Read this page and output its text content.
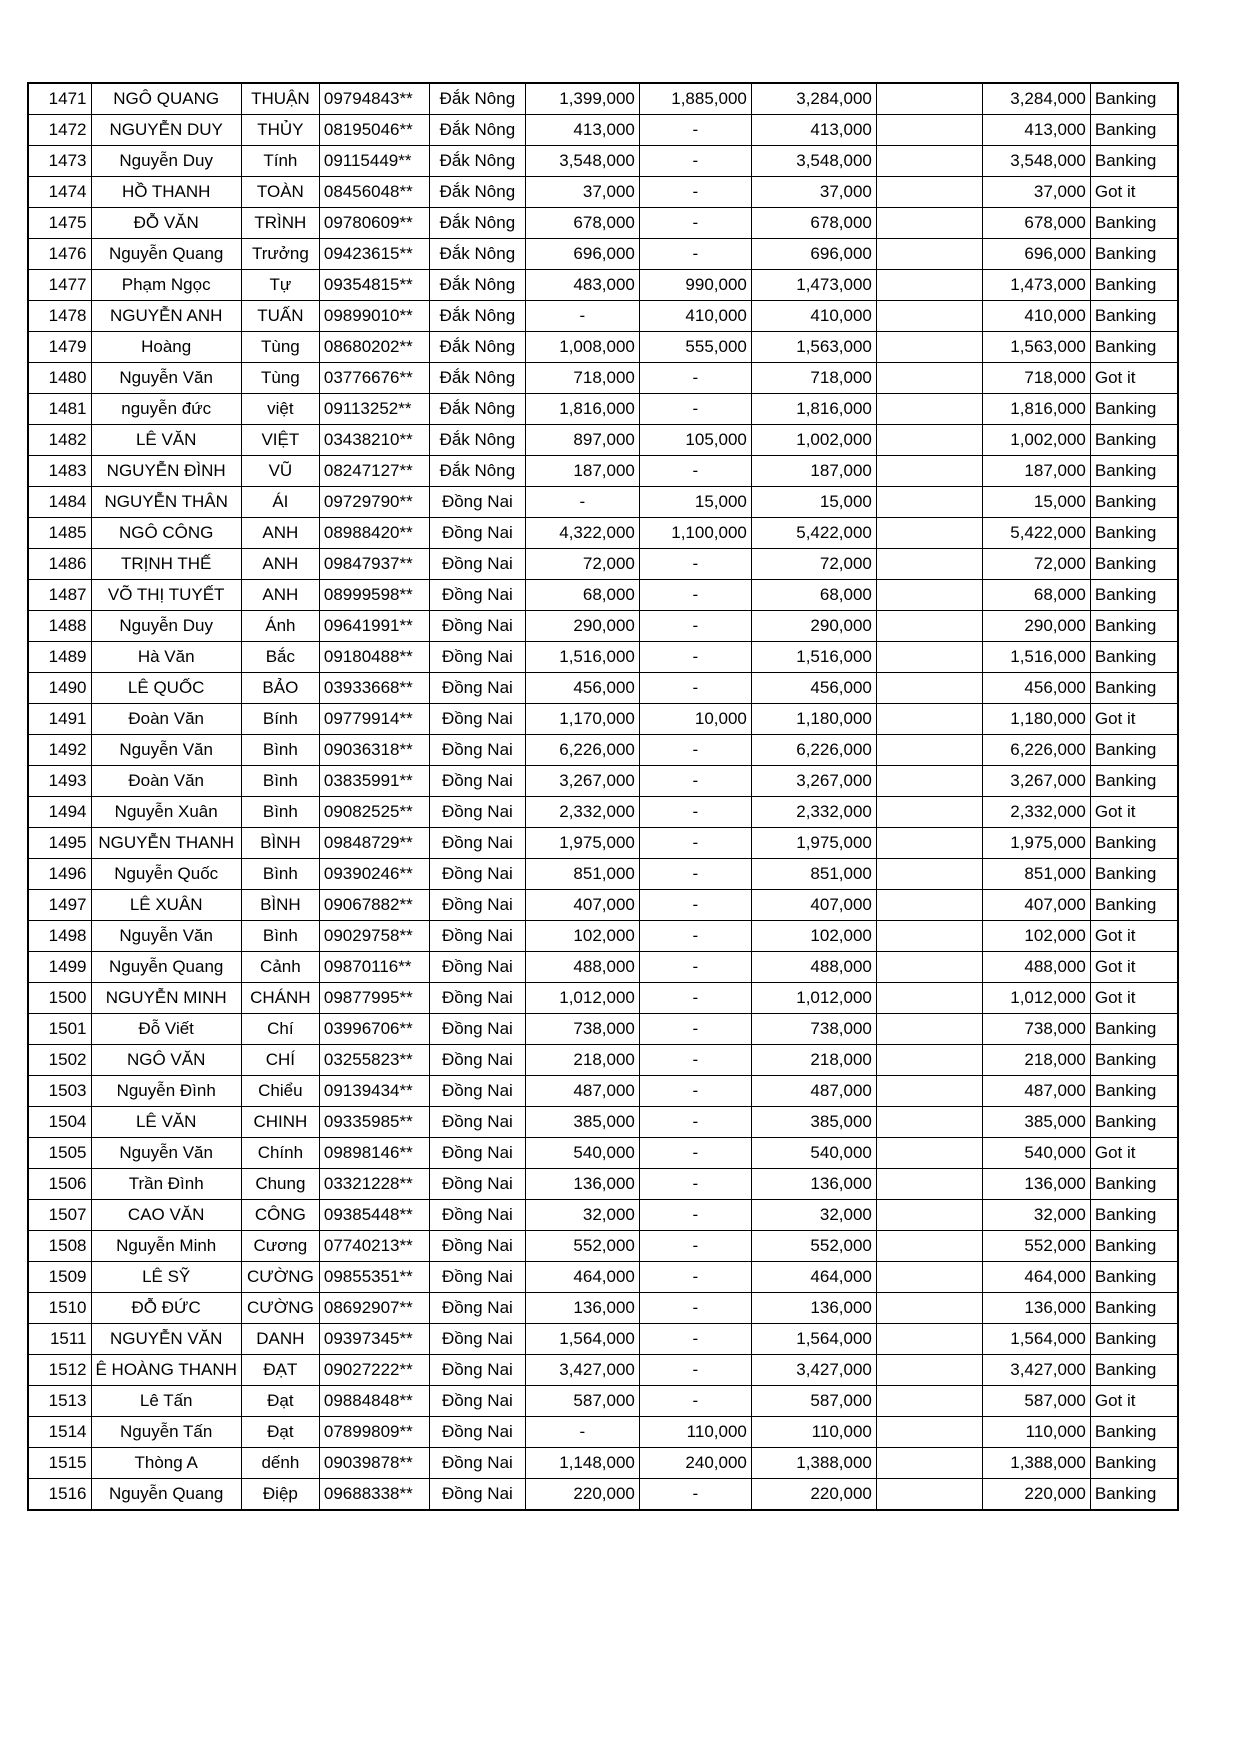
1471	NGÔ QUANG	THUẬN	09794843**	Đắk Nông	1,399,000	1,885,000	3,284,000		3,284,000	Banking
1472	NGUYỄN DUY	THỦY	08195046**	Đắk Nông	413,000	-	413,000		413,000	Banking
1473	Nguyễn Duy	Tính	09115449**	Đắk Nông	3,548,000	-	3,548,000		3,548,000	Banking
1474	HỒ THANH	TOÀN	08456048**	Đắk Nông	37,000	-	37,000		37,000	Got it
1475	ĐỖ VĂN	TRÌNH	09780609**	Đắk Nông	678,000	-	678,000		678,000	Banking
1476	Nguyễn Quang	Trưởng	09423615**	Đắk Nông	696,000	-	696,000		696,000	Banking
1477	Phạm Ngọc	Tự	09354815**	Đắk Nông	483,000	990,000	1,473,000		1,473,000	Banking
1478	NGUYỄN ANH	TUẤN	09899010**	Đắk Nông	-	410,000	410,000		410,000	Banking
1479	Hoàng	Tùng	08680202**	Đắk Nông	1,008,000	555,000	1,563,000		1,563,000	Banking
1480	Nguyễn Văn	Tùng	03776676**	Đắk Nông	718,000	-	718,000		718,000	Got it
1481	nguyễn đức	việt	09113252**	Đắk Nông	1,816,000	-	1,816,000		1,816,000	Banking
1482	LÊ VĂN	VIỆT	03438210**	Đắk Nông	897,000	105,000	1,002,000		1,002,000	Banking
1483	NGUYỄN ĐÌNH	VŨ	08247127**	Đắk Nông	187,000	-	187,000		187,000	Banking
1484	NGUYỄN THÂN	ÁI	09729790**	Đồng Nai	-	15,000	15,000		15,000	Banking
1485	NGÔ CÔNG	ANH	08988420**	Đồng Nai	4,322,000	1,100,000	5,422,000		5,422,000	Banking
1486	TRỊNH THẾ	ANH	09847937**	Đồng Nai	72,000	-	72,000		72,000	Banking
1487	VÕ THỊ TUYẾT	ANH	08999598**	Đồng Nai	68,000	-	68,000		68,000	Banking
1488	Nguyễn Duy	Ánh	09641991**	Đồng Nai	290,000	-	290,000		290,000	Banking
1489	Hà Văn	Bắc	09180488**	Đồng Nai	1,516,000	-	1,516,000		1,516,000	Banking
1490	LÊ QUỐC	BẢO	03933668**	Đồng Nai	456,000	-	456,000		456,000	Banking
1491	Đoàn Văn	Bính	09779914**	Đồng Nai	1,170,000	10,000	1,180,000		1,180,000	Got it
1492	Nguyễn Văn	Bình	09036318**	Đồng Nai	6,226,000	-	6,226,000		6,226,000	Banking
1493	Đoàn Văn	Bình	03835991**	Đồng Nai	3,267,000	-	3,267,000		3,267,000	Banking
1494	Nguyễn Xuân	Bình	09082525**	Đồng Nai	2,332,000	-	2,332,000		2,332,000	Got it
1495	NGUYỄN THANH	BÌNH	09848729**	Đồng Nai	1,975,000	-	1,975,000		1,975,000	Banking
1496	Nguyễn Quốc	Bình	09390246**	Đồng Nai	851,000	-	851,000		851,000	Banking
1497	LÊ XUÂN	BÌNH	09067882**	Đồng Nai	407,000	-	407,000		407,000	Banking
1498	Nguyễn Văn	Bình	09029758**	Đồng Nai	102,000	-	102,000		102,000	Got it
1499	Nguyễn Quang	Cảnh	09870116**	Đồng Nai	488,000	-	488,000		488,000	Got it
1500	NGUYỄN MINH	CHÁNH	09877995**	Đồng Nai	1,012,000	-	1,012,000		1,012,000	Got it
1501	Đỗ Viết	Chí	03996706**	Đồng Nai	738,000	-	738,000		738,000	Banking
1502	NGÔ VĂN	CHÍ	03255823**	Đồng Nai	218,000	-	218,000		218,000	Banking
1503	Nguyễn Đình	Chiểu	09139434**	Đồng Nai	487,000	-	487,000		487,000	Banking
1504	LÊ VĂN	CHINH	09335985**	Đồng Nai	385,000	-	385,000		385,000	Banking
1505	Nguyễn Văn	Chính	09898146**	Đồng Nai	540,000	-	540,000		540,000	Got it
1506	Trần Đình	Chung	03321228**	Đồng Nai	136,000	-	136,000		136,000	Banking
1507	CAO VĂN	CÔNG	09385448**	Đồng Nai	32,000	-	32,000		32,000	Banking
1508	Nguyễn Minh	Cương	07740213**	Đồng Nai	552,000	-	552,000		552,000	Banking
1509	LÊ SỸ	CƯỜNG	09855351**	Đồng Nai	464,000	-	464,000		464,000	Banking
1510	ĐỖ ĐỨC	CƯỜNG	08692907**	Đồng Nai	136,000	-	136,000		136,000	Banking
1511	NGUYỄN VĂN	DANH	09397345**	Đồng Nai	1,564,000	-	1,564,000		1,564,000	Banking
1512	Ê HOÀNG THANH	ĐẠT	09027222**	Đồng Nai	3,427,000	-	3,427,000		3,427,000	Banking
1513	Lê Tấn	Đạt	09884848**	Đồng Nai	587,000	-	587,000		587,000	Got it
1514	Nguyễn Tấn	Đạt	07899809**	Đồng Nai	-	110,000	110,000		110,000	Banking
1515	Thòng A	dếnh	09039878**	Đồng Nai	1,148,000	240,000	1,388,000		1,388,000	Banking
1516	Nguyễn Quang	Điệp	09688338**	Đồng Nai	220,000	-	220,000		220,000	Banking
